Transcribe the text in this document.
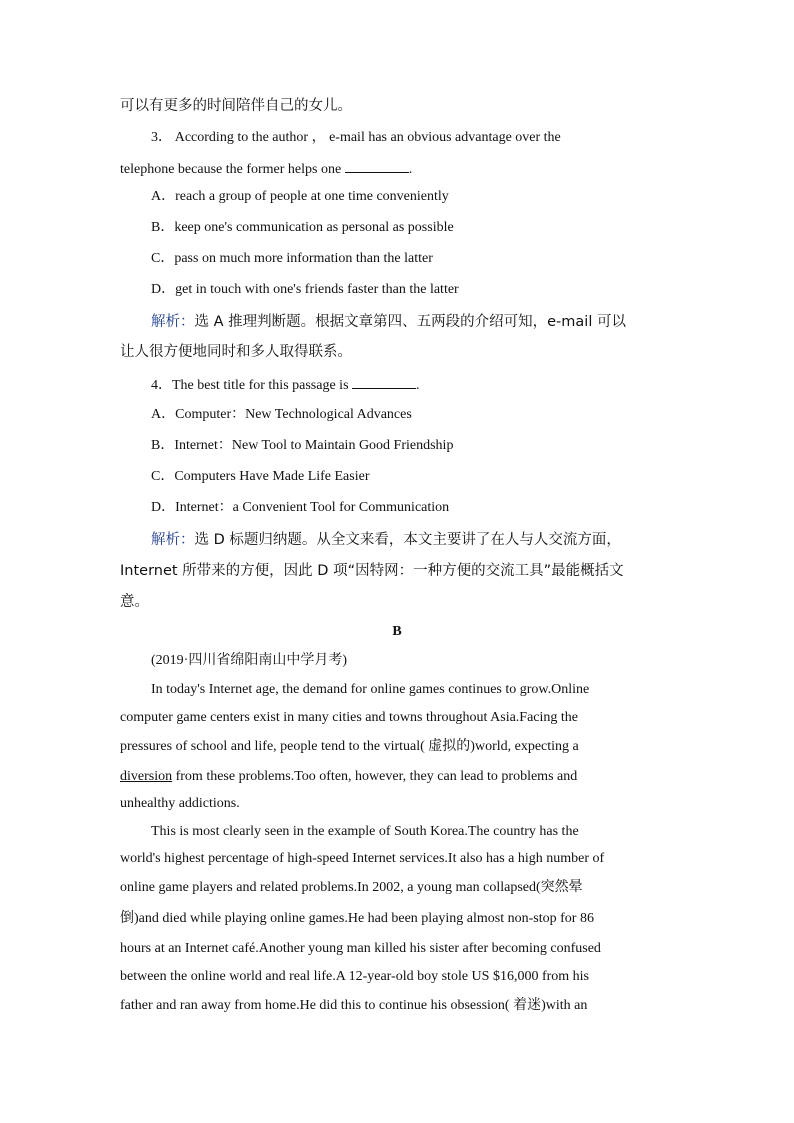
可以有更多的时间陪伴自己的女儿。
3． According to the author ， e-mail has an obvious advantage over the
telephone because the former helps one	.
A．reach a group of people at one time conveniently
B．keep one's communication as personal as possible
C．pass on much more information than the latter
D．get in touch with one's friends faster than the latter
解析：选 A 推理判断题。根据文章第四、五两段的介绍可知，e-mail 可以
让人很方便地同时和多人取得联系。
4．The best title for this passage is	.
A．Computer：New Technological Advances
B．Internet：New Tool to Maintain Good Friendship
C．Computers Have Made Life Easier
D．Internet：a Convenient Tool for Communication
解析：选 D 标题归纳题。从全文来看，本文主要讲了在人与人交流方面，
Internet 所带来的方便，因此 D 项“因特网：一种方便的交流工具”最能概括文
意。
B
(2019·四川省绵阳南山中学月考)
In today's Internet age, the demand for online games continues to grow.Online
computer game centers exist in many cities and towns throughout Asia.Facing the
pressures of school and life, people tend to the virtual( 虚拟的)world, expecting a
diversion from these problems.Too often, however, they can lead to problems and
unhealthy addictions.
This is most clearly seen in the example of South Korea.The country has the
world's highest percentage of high-speed Internet services.It also has a high number of
online game players and related problems.In 2002, a young man collapsed(突然晕
倒)and died while playing online games.He had been playing almost non-stop for 86
hours at an Internet café.Another young man killed his sister after becoming confused
between the online world and real life.A 12-year-old boy stole US $16,000 from his
father and ran away from home.He did this to continue his obsession( 着迷)with an
